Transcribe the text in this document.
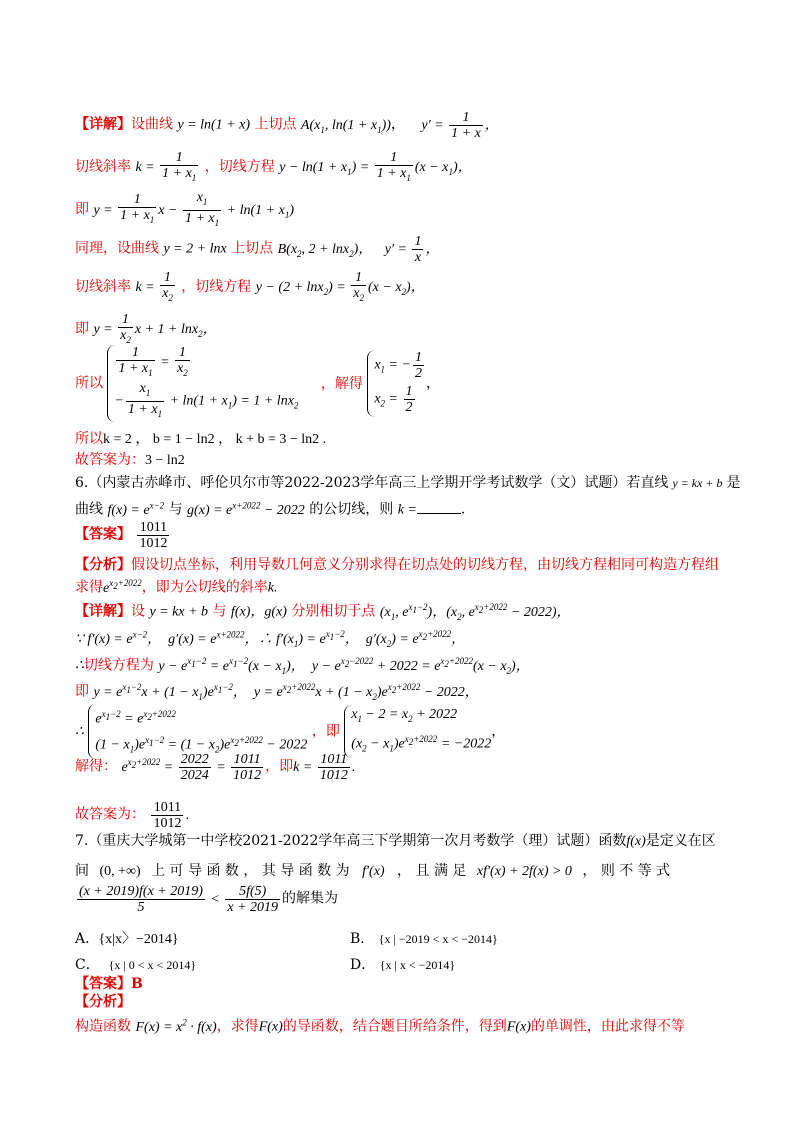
【详解】设曲线 y = ln(1 + x) 上切点 $A(x_1$, $\ln(1 + x_1)$)， $y' = \frac{1}{1 + x}$ ，
切线斜率 $k = \frac{1}{1 + x_1}$ ，切线方程 $y - \ln(1 + x_1) = \frac{1}{1 + x_1} (x - x_1)$，
即 $y = \frac{1}{1 + x_1}$ $x - \frac{x_1}{1 + x_1} + \ln(1 + x_1)$
同理，设曲线 y = 2 + lnx 上切点 $B(x_2$, 2 + lnx$_2$)， $y' = \frac{1}{x}$ ，
切线斜率 $k = \frac{1}{x_2}$ ，切线方程 $y - (2 + \ln x_2) = \frac{1}{x_2} (x - x_2)$，
即 $y = \frac{1}{x_2}$ x + 1 + lnx$_2$，
所以
$\frac{1}{1 + x_1} = \frac{1}{x_2}$
− $\frac{x_1}{1 + x_1} + \ln(1 + x_1) = 1 + \ln x_2$
，解得
$x_1$ = − $\frac{1}{2}$
$x_2 = \frac{1}{2}$ ，
所以k = 2 ， b = 1 − ln2 ， k + b = 3 − ln2 .
故答案为：3 − ln2
6.（内蒙古赤峰市、呼伦贝尔市等2022-2023学年高三上学期开学考试数学（文）试题）若直线 y = kx + b 是
曲线 $f(x) = e^{x-2}$ 与 $g(x) = e^{x+2022} - 2022$ 的公切线，则 k =	.
【答案】 $\frac{1011}{1012}$
【分析】假设切点坐标，利用导数几何意义分别求得在切点处的切线方程，由切线方程相同可构造方程组
求得$e^{x_2+2022}$，即为公切线的斜率k.
【详解】设 y = kx + b 与 f(x)，g(x) 分别相切于点 ($x_1$, $e^{x_1-2}$)，($x_2$, $e^{x_2+2022} - 2022$)，
∵ $f'(x) = e^{x-2}$，  $g'(x) = e^{x+2022}$，∴ $f'(x_1) = e^{x_1-2}$，  $g'(x_2) = e^{x_2+2022}$，
∴切线方程为 $y - e^{x_1-2} = e^{x_1-2}(x - x_1)$，  $y - e^{x_2-2022} + 2022 = e^{x_2+2022}(x - x_2)$，
即 $y = e^{x_1-2}x + (1 - x_1)e^{x_1-2}$，  $y = e^{x_2+2022}x + (1 - x_2)e^{x_2+2022} - 2022$，
∴
$e^{x_1-2} = e^{x_2+2022}$
$(1 - x_1)e^{x_1-2} = (1 - x_2)e^{x_2+2022} - 2022$
，即
$x_1 - 2 = x_2 + 2022$
$(x_2 - x_1)e^{x_2+2022} = -2022$
，
解得： $e^{x_2+2022} = \frac{2022}{2024} = \frac{1011}{1012}$ ，即$k = \frac{1011}{1012}$ .
故答案为： $\frac{1011}{1012}$ .
7.（重庆大学城第一中学校2021-2022学年高三下学期第一次月考数学（理）试题）函数f(x)是定义在区
间 (0, +∞) 上 可 导 函 数 ， 其 导 函 数 为 f′(x) ， 且 满 足 xf′(x) + 2f(x) > 0 ， 则 不 等 式
$\frac{(x + 2019)f(x + 2019)}{5} < \frac{5f(5)}{x + 2019}$ 的解集为
A. {x|x〉−2014}	B． {x | −2019 < x < −2014}
C． {x | 0 < x < 2014}	D． {x | x < −2014}
【答案】B
【分析】
构造函数 $F(x) = x^2 \cdot f(x)$，求得F(x)的导函数，结合题目所给条件，得到F(x)的单调性，由此求得不等
